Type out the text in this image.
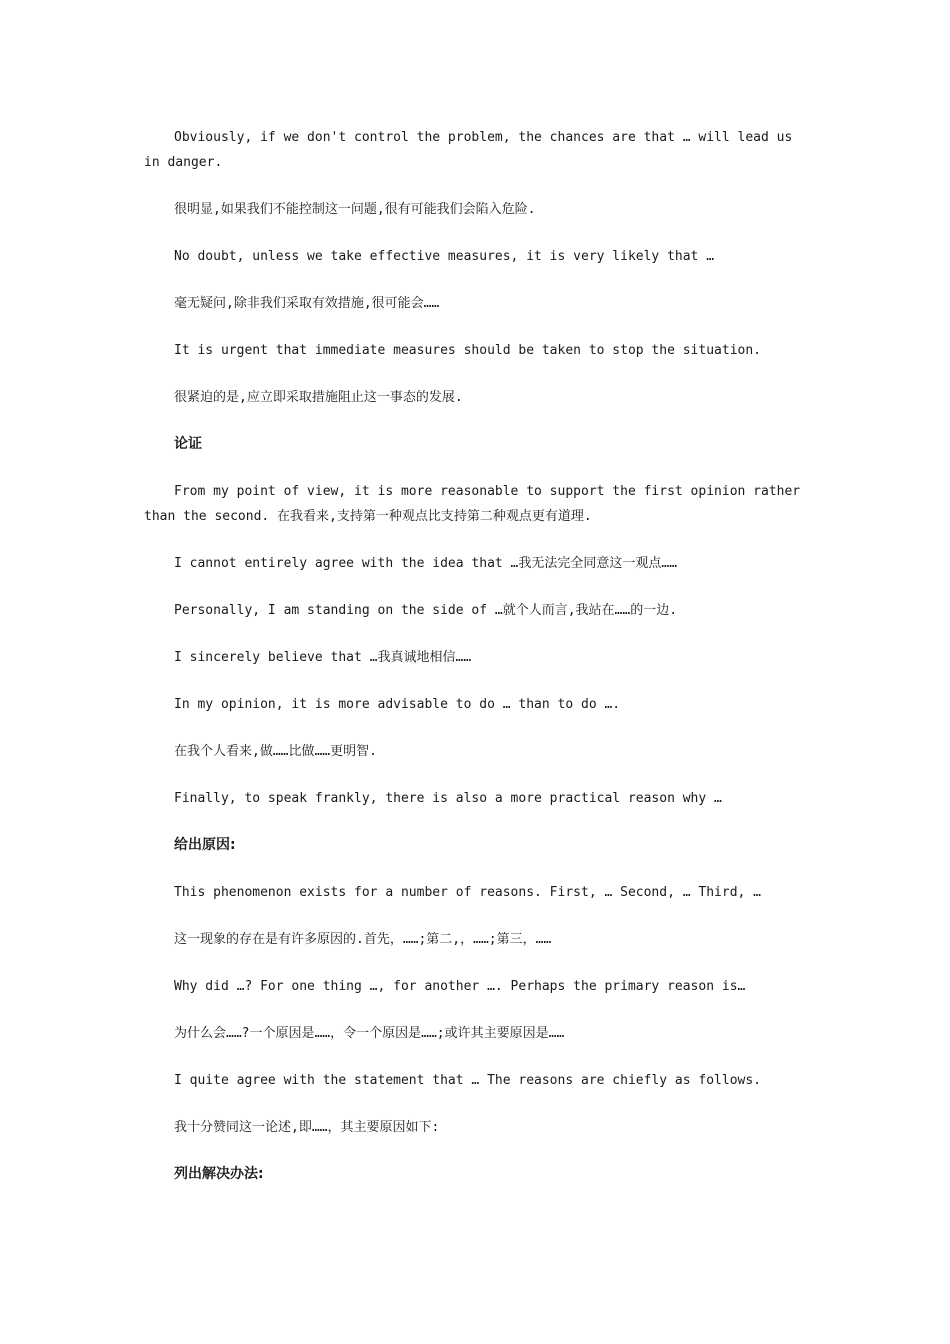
Obviously, if we don't control the problem, the chances are that … will lead us in danger.

很明显,如果我们不能控制这一问题,很有可能我们会陷入危险.

No doubt, unless we take effective measures, it is very likely that …

毫无疑问,除非我们采取有效措施,很可能会……

It is urgent that immediate measures should be taken to stop the situation.

很紧迫的是,应立即采取措施阻止这一事态的发展.

论证

From my point of view, it is more reasonable to support the first opinion rather than the second. 在我看来,支持第一种观点比支持第二种观点更有道理.

I cannot entirely agree with the idea that …我无法完全同意这一观点……

Personally, I am standing on the side of …就个人而言,我站在……的一边.

I sincerely believe that …我真诚地相信……

In my opinion, it is more advisable to do … than to do ….

在我个人看来,做……比做……更明智.

Finally, to speak frankly, there is also a more practical reason why …

给出原因:

This phenomenon exists for a number of reasons. First, … Second, … Third, …

这一现象的存在是有许多原因的.首先，……;第二,，……;第三，……

Why did …? For one thing …, for another …. Perhaps the primary reason is…

为什么会……?一个原因是……，令一个原因是……;或许其主要原因是……

I quite agree with the statement that … The reasons are chiefly as follows.

我十分赞同这一论述,即……，其主要原因如下:

列出解决办法:
